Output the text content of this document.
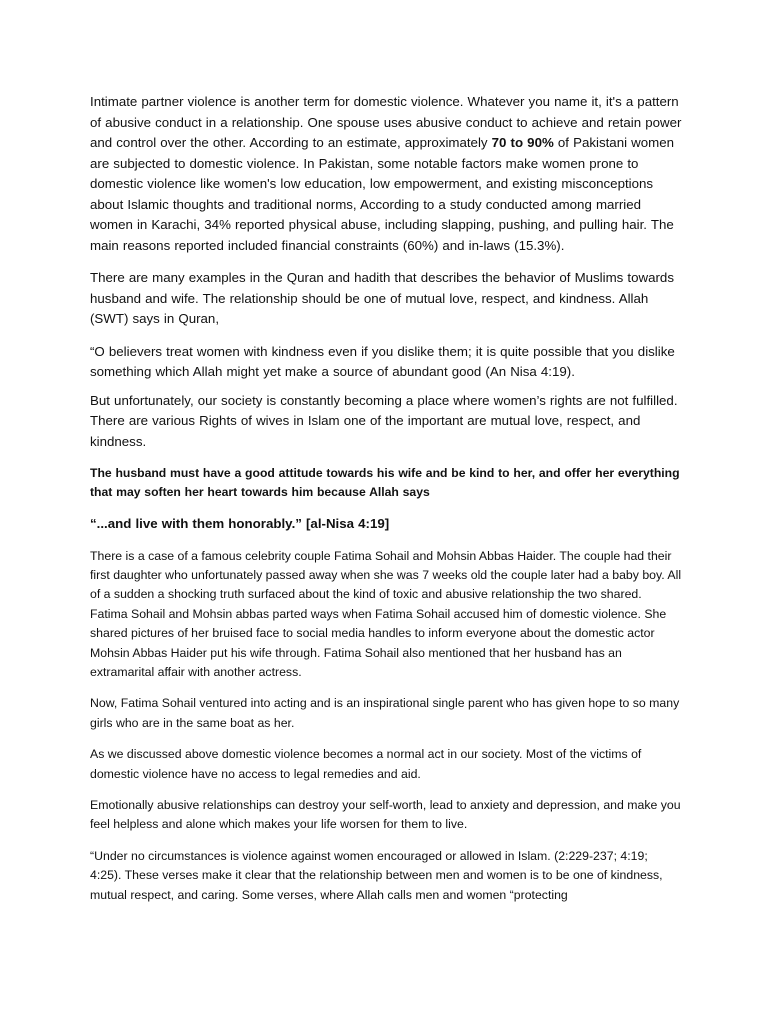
Intimate partner violence is another term for domestic violence. Whatever you name it, it's a pattern of abusive conduct in a relationship. One spouse uses abusive conduct to achieve and retain power and control over the other. According to an estimate, approximately 70 to 90% of Pakistani women are subjected to domestic violence. In Pakistan, some notable factors make women prone to domestic violence like women's low education, low empowerment, and existing misconceptions about Islamic thoughts and traditional norms, According to a study conducted among married women in Karachi, 34% reported physical abuse, including slapping, pushing, and pulling hair. The main reasons reported included financial constraints (60%) and in-laws (15.3%).

There are many examples in the Quran and hadith that describes the behavior of Muslims towards husband and wife. The relationship should be one of mutual love, respect, and kindness. Allah (SWT) says in Quran,

“O believers treat women with kindness even if you dislike them; it is quite possible that you dislike something which Allah might yet make a source of abundant good (An Nisa 4:19).

But unfortunately, our society is constantly becoming a place where women’s rights are not fulfilled. There are various Rights of wives in Islam one of the important are mutual love, respect, and kindness.

The husband must have a good attitude towards his wife and be kind to her, and offer her everything that may soften her heart towards him because Allah says

“...and live with them honorably.” [al-Nisa 4:19]

There is a case of a famous celebrity couple Fatima Sohail and Mohsin Abbas Haider. The couple had their first daughter who unfortunately passed away when she was 7 weeks old the couple later had a baby boy. All of a sudden a shocking truth surfaced about the kind of toxic and abusive relationship the two shared. Fatima Sohail and Mohsin abbas parted ways when Fatima Sohail accused him of domestic violence. She shared pictures of her bruised face to social media handles to inform everyone about the domestic actor Mohsin Abbas Haider put his wife through. Fatima Sohail also mentioned that her husband has an extramarital affair with another actress.

Now, Fatima Sohail ventured into acting and is an inspirational single parent who has given hope to so many girls who are in the same boat as her.

As we discussed above domestic violence becomes a normal act in our society. Most of the victims of domestic violence have no access to legal remedies and aid.

Emotionally abusive relationships can destroy your self-worth, lead to anxiety and depression, and make you feel helpless and alone which makes your life worsen for them to live.

“Under no circumstances is violence against women encouraged or allowed in Islam. (2:229-237; 4:19; 4:25). These verses make it clear that the relationship between men and women is to be one of kindness, mutual respect, and caring. Some verses, where Allah calls men and women “protecting
